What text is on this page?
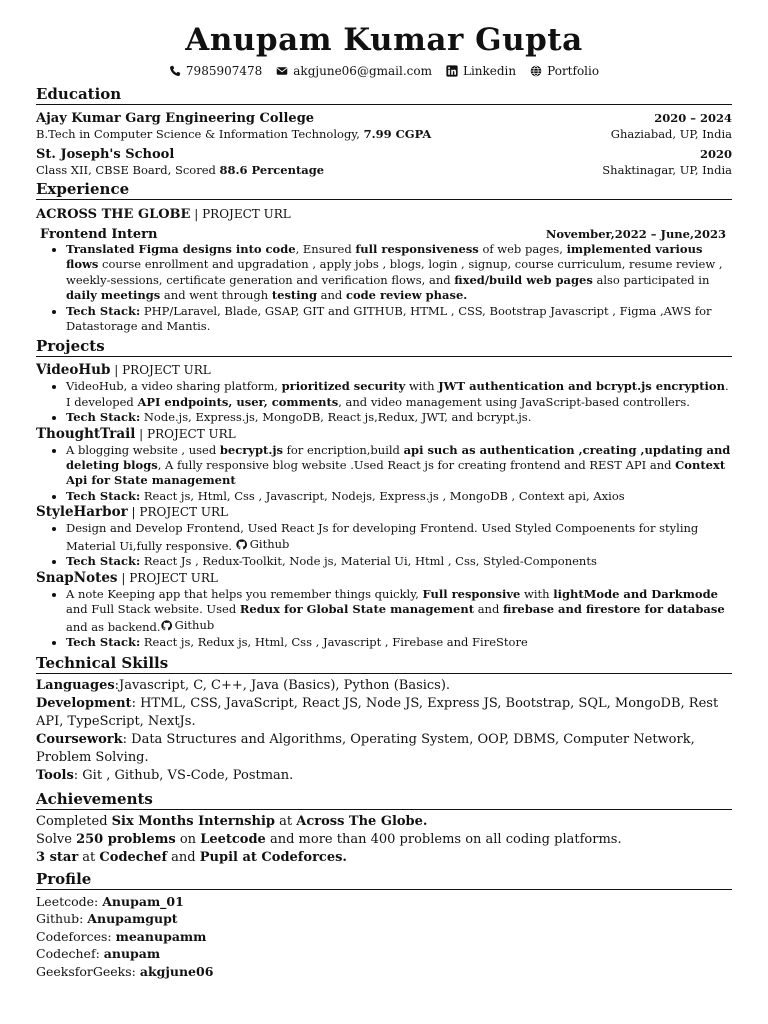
Anupam Kumar Gupta
7985907478	akgjune06@gmail.com	Linkedin	Portfolio
Education
Ajay Kumar Garg Engineering College	2020 – 2024
B.Tech in Computer Science & Information Technology, 7.99 CGPA	Ghaziabad, UP, India
St. Joseph's School	2020
Class XII, CBSE Board, Scored 88.6 Percentage	Shaktinagar, UP, India
Experience
ACROSS THE GLOBE | PROJECT URL
Frontend Intern	November,2022 – June,2023
• Translated Figma designs into code, Ensured full responsiveness of web pages, implemented various flows course enrollment and upgradation , apply jobs , blogs, login , signup, course curriculum, resume review , weekly-sessions, certificate generation and verification flows, and fixed/build web pages also participated in daily meetings and went through testing and code review phase.
• Tech Stack: PHP/Laravel, Blade, GSAP, GIT and GITHUB, HTML , CSS, Bootstrap Javascript , Figma ,AWS for Datastorage and Mantis.
Projects
VideoHub | PROJECT URL
• VideoHub, a video sharing platform, prioritized security with JWT authentication and bcrypt.js encryption. I developed API endpoints, user, comments, and video management using JavaScript-based controllers.
• Tech Stack: Node.js, Express.js, MongoDB, React js,Redux, JWT, and bcrypt.js.
ThoughtTrail | PROJECT URL
• A blogging website , used becrypt.js for encription,build api such as authentication ,creating ,updating and deleting blogs, A fully responsive blog website .Used React js for creating frontend and REST API and Context Api for State management
• Tech Stack: React js, Html, Css , Javascript, Nodejs, Express.js , MongoDB , Context api, Axios
StyleHarbor | PROJECT URL
• Design and Develop Frontend, Used React Js for developing Frontend. Used Styled Compoenents for styling Material Ui,fully responsive. Github
• Tech Stack: React Js , Redux-Toolkit, Node js, Material Ui, Html , Css, Styled-Components
SnapNotes | PROJECT URL
• A note Keeping app that helps you remember things quickly, Full responsive with lightMode and Darkmode and Full Stack website. Used Redux for Global State management and firebase and firestore for database and as backend. Github
• Tech Stack: React js, Redux js, Html, Css , Javascript , Firebase and FireStore
Technical Skills
Languages:Javascript, C, C++, Java (Basics), Python (Basics).
Development: HTML, CSS, JavaScript, React JS, Node JS, Express JS, Bootstrap, SQL, MongoDB, Rest API, TypeScript, NextJs.
Coursework: Data Structures and Algorithms, Operating System, OOP, DBMS, Computer Network, Problem Solving.
Tools: Git , Github, VS-Code, Postman.
Achievements
Completed Six Months Internship at Across The Globe.
Solve 250 problems on Leetcode and more than 400 problems on all coding platforms.
3 star at Codechef and Pupil at Codeforces.
Profile
Leetcode: Anupam_01
Github: Anupamgupt
Codeforces: meanupamm
Codechef: anupam
GeeksforGeeks: akgjune06
